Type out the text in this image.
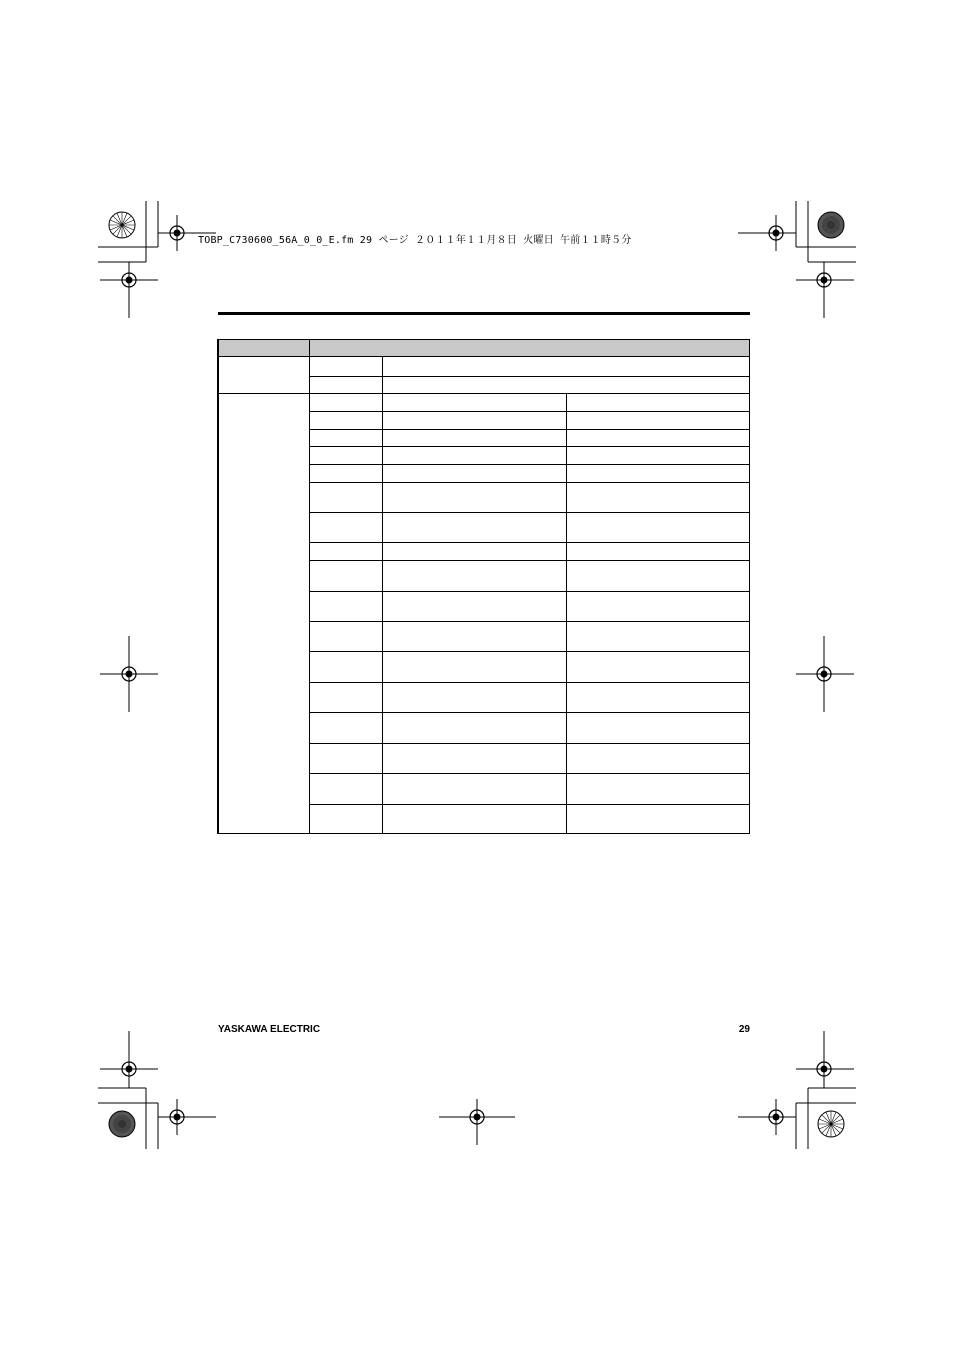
TOBP_C730600_56A_0_0_E.fm 29 ページ ２０１１年１１月８日 火曜日 午前１１時５分
YASKAWA ELECTRIC	29
